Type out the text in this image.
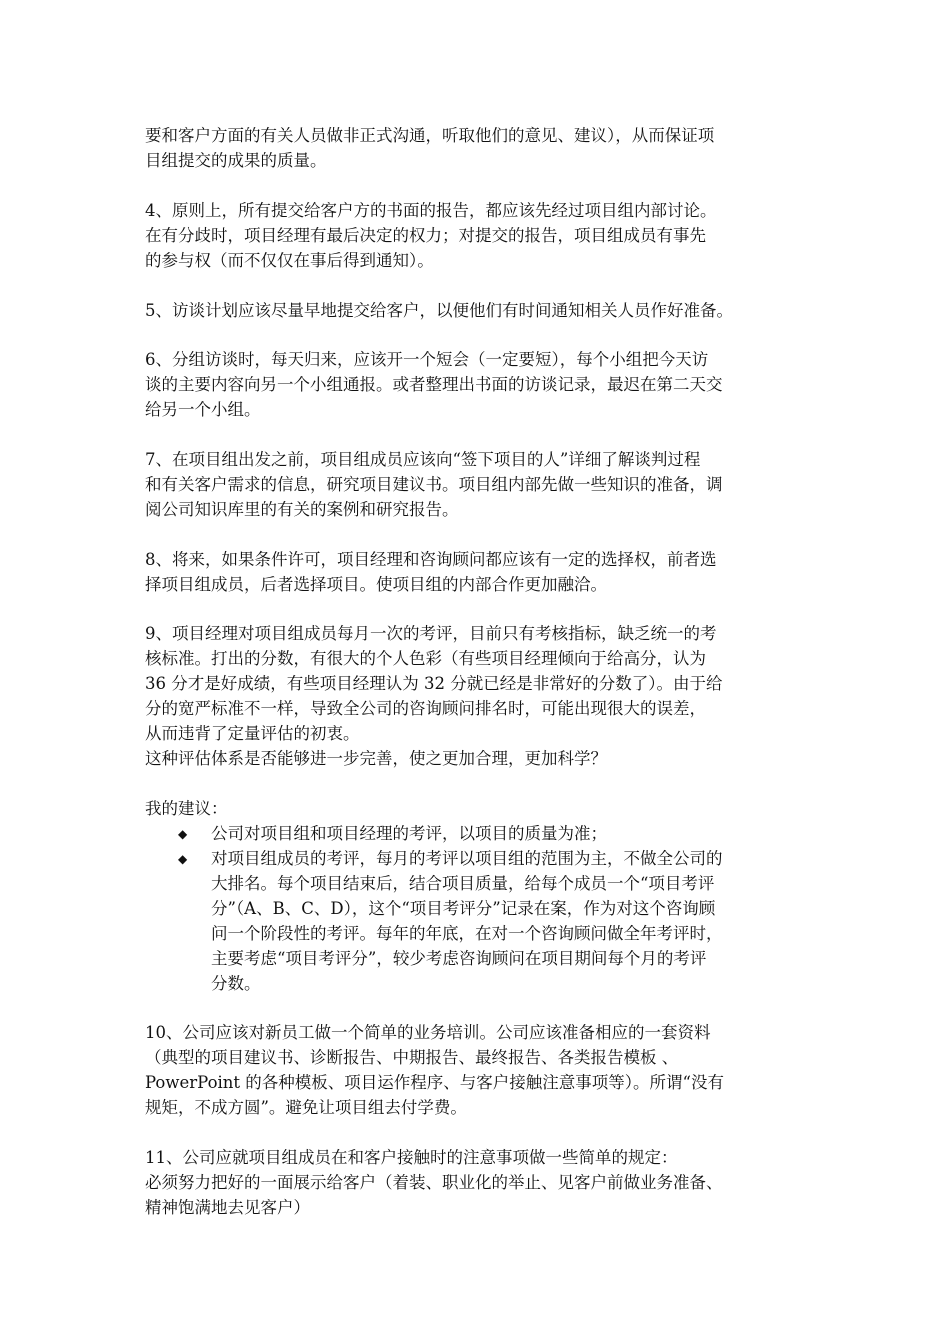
要和客户方面的有关人员做非正式沟通，听取他们的意见、建议），从而保证项
目组提交的成果的质量。
4、原则上，所有提交给客户方的书面的报告，都应该先经过项目组内部讨论。
在有分歧时，项目经理有最后决定的权力；对提交的报告，项目组成员有事先
的参与权（而不仅仅在事后得到通知）。
5、访谈计划应该尽量早地提交给客户，以便他们有时间通知相关人员作好准备。
6、分组访谈时，每天归来，应该开一个短会（一定要短），每个小组把今天访
谈的主要内容向另一个小组通报。或者整理出书面的访谈记录，最迟在第二天交
给另一个小组。
7、在项目组出发之前，项目组成员应该向“签下项目的人”详细了解谈判过程
和有关客户需求的信息，研究项目建议书。项目组内部先做一些知识的准备，调
阅公司知识库里的有关的案例和研究报告。
8、将来，如果条件许可，项目经理和咨询顾问都应该有一定的选择权，前者选
择项目组成员，后者选择项目。使项目组的内部合作更加融洽。
9、项目经理对项目组成员每月一次的考评，目前只有考核指标，缺乏统一的考
核标准。打出的分数，有很大的个人色彩（有些项目经理倾向于给高分，认为
36 分才是好成绩，有些项目经理认为 32 分就已经是非常好的分数了）。由于给
分的宽严标准不一样，导致全公司的咨询顾问排名时，可能出现很大的误差，
从而违背了定量评估的初衷。
这种评估体系是否能够进一步完善，使之更加合理，更加科学？
我的建议：
◆ 公司对项目组和项目经理的考评，以项目的质量为准；
◆ 对项目组成员的考评，每月的考评以项目组的范围为主，不做全公司的
大排名。每个项目结束后，结合项目质量，给每个成员一个“项目考评
分”（A、B、C、D），这个“项目考评分”记录在案，作为对这个咨询顾
问一个阶段性的考评。每年的年底，在对一个咨询顾问做全年考评时，
主要考虑“项目考评分”，较少考虑咨询顾问在项目期间每个月的考评
分数。
10、公司应该对新员工做一个简单的业务培训。公司应该准备相应的一套资料
（典型的项目建议书、诊断报告、中期报告、最终报告、各类报告模板 、
PowerPoint 的各种模板、项目运作程序、与客户接触注意事项等）。所谓“没有
规矩，不成方圆”。避免让项目组去付学费。
11、公司应就项目组成员在和客户接触时的注意事项做一些简单的规定：
必须努力把好的一面展示给客户（着装、职业化的举止、见客户前做业务准备、
精神饱满地去见客户）
